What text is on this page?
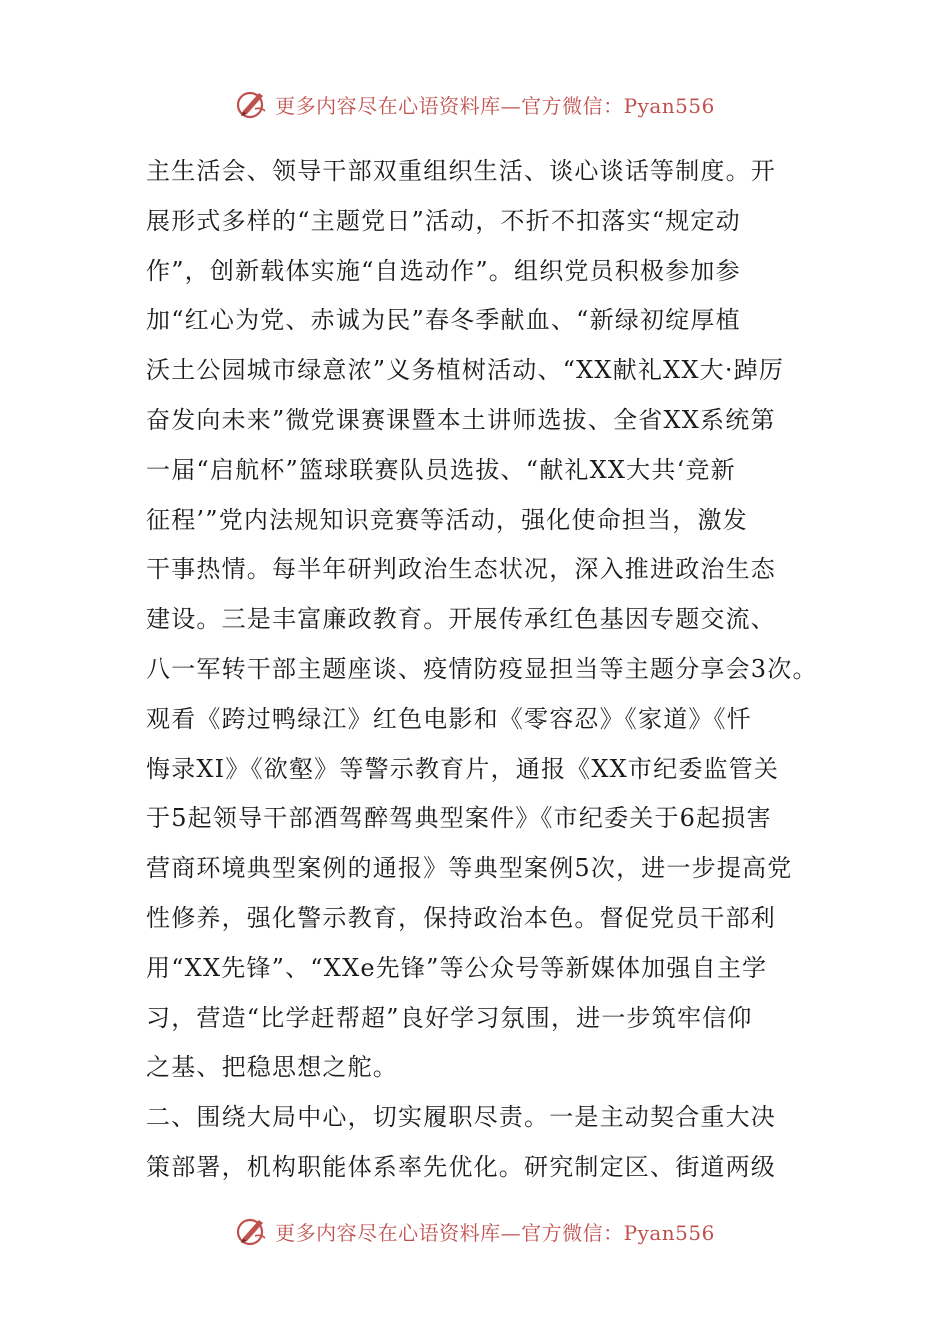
更多内容尽在心语资料库—官方微信：Pyan556
主生活会、领导干部双重组织生活、谈心谈话等制度。开
展形式多样的“主题党日”活动，不折不扣落实“规定动
作”，创新载体实施“自选动作”。组织党员积极参加参
加“红心为党、赤诚为民”春冬季献血、“新绿初绽厚植
沃土公园城市绿意浓”义务植树活动、“XX献礼XX大·踔厉
奋发向未来”微党课赛课暨本土讲师选拔、全省XX系统第
一届“启航杯”篮球联赛队员选拔、“献礼XX大共‘竞新
征程’”党内法规知识竞赛等活动，强化使命担当，激发
干事热情。每半年研判政治生态状况，深入推进政治生态
建设。三是丰富廉政教育。开展传承红色基因专题交流、
八一军转干部主题座谈、疫情防疫显担当等主题分享会3次。
观看《跨过鸭绿江》红色电影和《零容忍》《家道》《忏
悔录XI》《欲壑》等警示教育片，通报《XX市纪委监管关
于5起领导干部酒驾醉驾典型案件》《市纪委关于6起损害
营商环境典型案例的通报》等典型案例5次，进一步提高党
性修养，强化警示教育，保持政治本色。督促党员干部利
用“XX先锋”、“XXe先锋”等公众号等新媒体加强自主学
习，营造“比学赶帮超”良好学习氛围，进一步筑牢信仰
之基、把稳思想之舵。
二、围绕大局中心，切实履职尽责。一是主动契合重大决
策部署，机构职能体系率先优化。研究制定区、街道两级
更多内容尽在心语资料库—官方微信：Pyan556
